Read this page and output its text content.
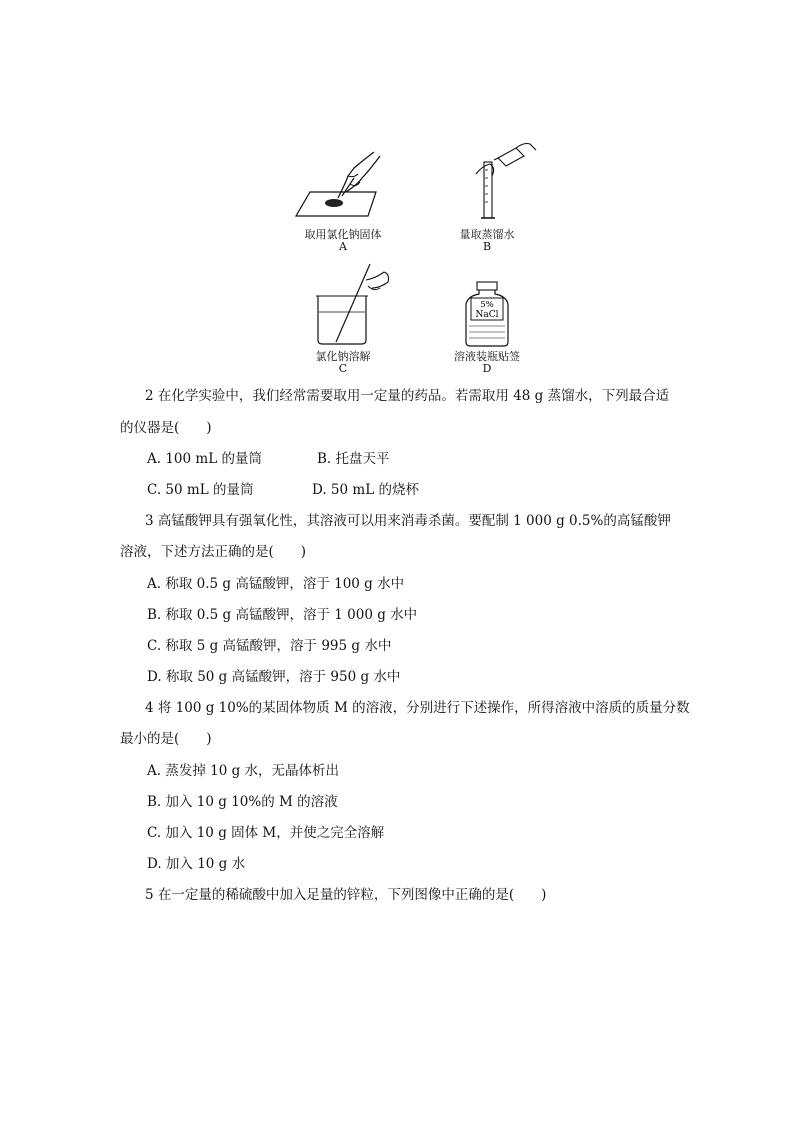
取用氯化钠固体
A
量取蒸馏水
B
氯化钠溶解
C
5%
NaCl
溶液装瓶贴签
D
2 在化学实验中，我们经常需要取用一定量的药品。若需取用 48 g 蒸馏水，下列最合适
的仪器是(　　)
A. 100 mL 的量筒	B. 托盘天平
C. 50 mL 的量筒	D. 50 mL 的烧杯
3 高锰酸钾具有强氧化性，其溶液可以用来消毒杀菌。要配制 1 000 g 0.5%的高锰酸钾
溶液，下述方法正确的是(　　)
A. 称取 0.5 g 高锰酸钾，溶于 100 g 水中
B. 称取 0.5 g 高锰酸钾，溶于 1 000 g 水中
C. 称取 5 g 高锰酸钾，溶于 995 g 水中
D. 称取 50 g 高锰酸钾，溶于 950 g 水中
4 将 100 g 10%的某固体物质 M 的溶液，分别进行下述操作，所得溶液中溶质的质量分数
最小的是(　　)
A. 蒸发掉 10 g 水，无晶体析出
B. 加入 10 g 10%的 M 的溶液
C. 加入 10 g 固体 M，并使之完全溶解
D. 加入 10 g 水
5 在一定量的稀硫酸中加入足量的锌粒，下列图像中正确的是(　　)
